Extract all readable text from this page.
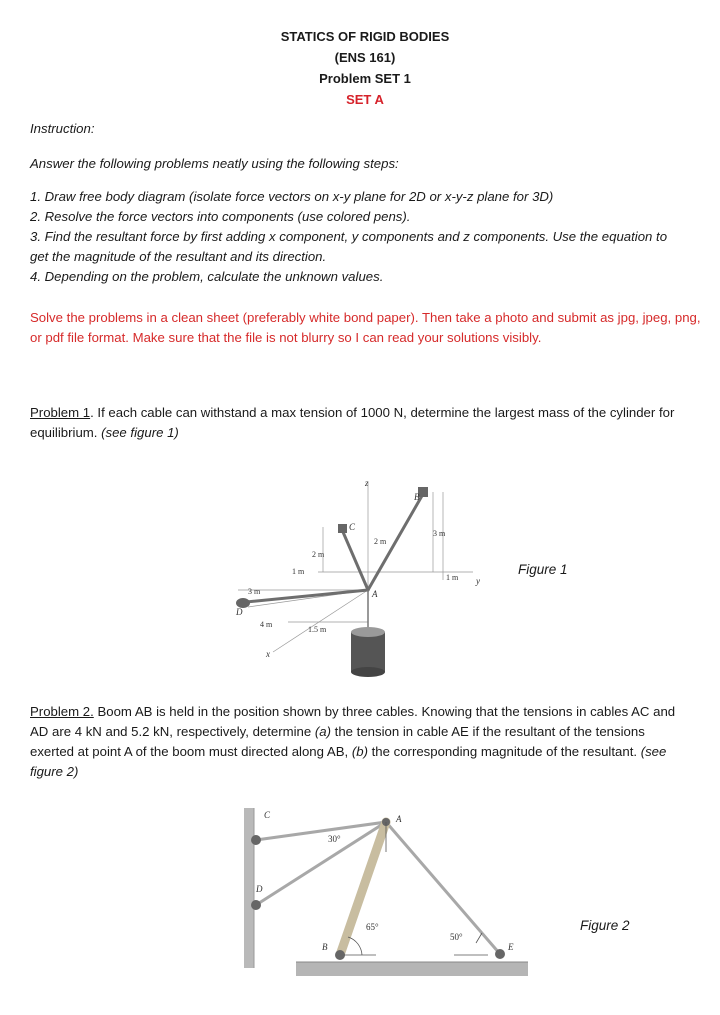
STATICS OF RIGID BODIES
(ENS 161)
Problem SET 1
SET A
Instruction:
Answer the following problems neatly using the following steps:
1. Draw free body diagram (isolate force vectors on x-y plane for 2D or x-y-z plane for 3D)
2. Resolve the force vectors into components (use colored pens).
3. Find the resultant force by first adding x component, y components and z components. Use the equation to get the magnitude of the resultant and its direction.
4. Depending on the problem, calculate the unknown values.
Solve the problems in a clean sheet (preferably white bond paper). Then take a photo and submit as jpg, jpeg, png, or pdf file format. Make sure that the file is not blurry so I can read your solutions visibly.
Problem 1. If each cable can withstand a max tension of 1000 N, determine the largest mass of the cylinder for equilibrium. (see figure 1)
z
y
x
B
C
A
D
2 m
2 m
3 m
1 m
1 m
3 m
4 m
1.5 m
Figure 1
Problem 2. Boom AB is held in the position shown by three cables. Knowing that the tensions in cables AC and AD are 4 kN and 5.2 kN, respectively, determine (a) the tension in cable AE if the resultant of the tensions exerted at point A of the boom must directed along AB, (b) the corresponding magnitude of the resultant. (see figure 2)
C	A
D
B	E
30°
65°
50°
Figure 2
